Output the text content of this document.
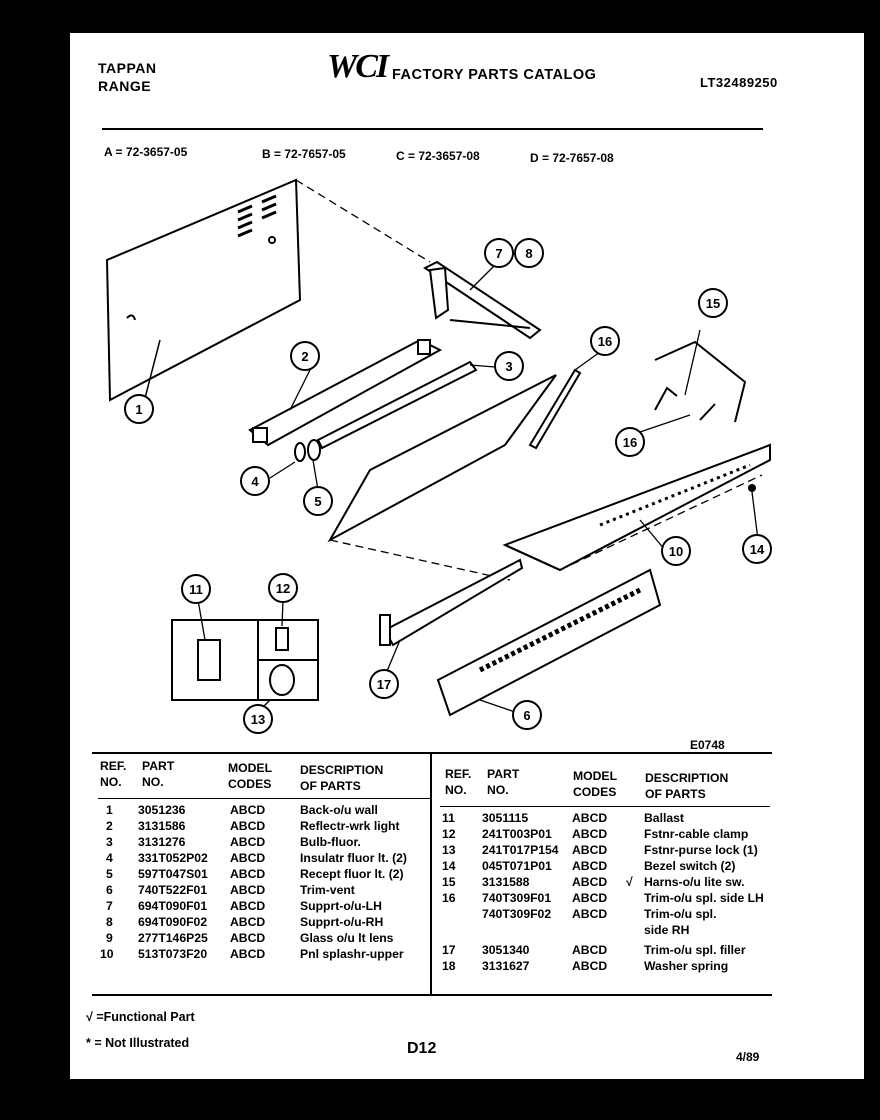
TAPPAN
RANGE
WCI FACTORY PARTS CATALOG	LT32489250
A = 72-3657-05	B = 72-7657-05	C = 72-3657-08	D = 72-7657-08
1
2
3
4
5
6
7 8
10
11	12
13
14
15
16
16
17
E0748
REF. NO.
PART NO.
MODEL CODES
DESCRIPTION OF PARTS
REF. NO.
PART NO.
MODEL CODES
DESCRIPTION OF PARTS
1 3051236	ABCD	Back-o/u wall
2 3131586	ABCD	Reflectr-wrk light
3 3131276	ABCD	Bulb-fluor.
4 331T052P02 ABCD	Insulatr fluor lt. (2)
5 597T047S01 ABCD	Recept fluor lt. (2)
6 740T522F01 ABCD	Trim-vent
7 694T090F01 ABCD	Supprt-o/u-LH
8 694T090F02 ABCD	Supprt-o/u-RH
9 277T146P25 ABCD	Glass o/u lt lens
10 513T073F20 ABCD	Pnl splashr-upper
11 3051115	ABCD	Ballast
12 241T003P01 ABCD	Fstnr-cable clamp
13 241T017P154 ABCD	Fstnr-purse lock (1)
14 045T071P01 ABCD	Bezel switch (2)
15 3131588	ABCD √ Harns-o/u lite sw.
16 740T309F01 ABCD	Trim-o/u spl. side LH
740T309F02 ABCD	Trim-o/u spl.
side RH
17 3051340	ABCD	Trim-o/u spl. filler
18 3131627	ABCD	Washer spring
√ =Functional Part
* = Not Illustrated	D12	4/89
